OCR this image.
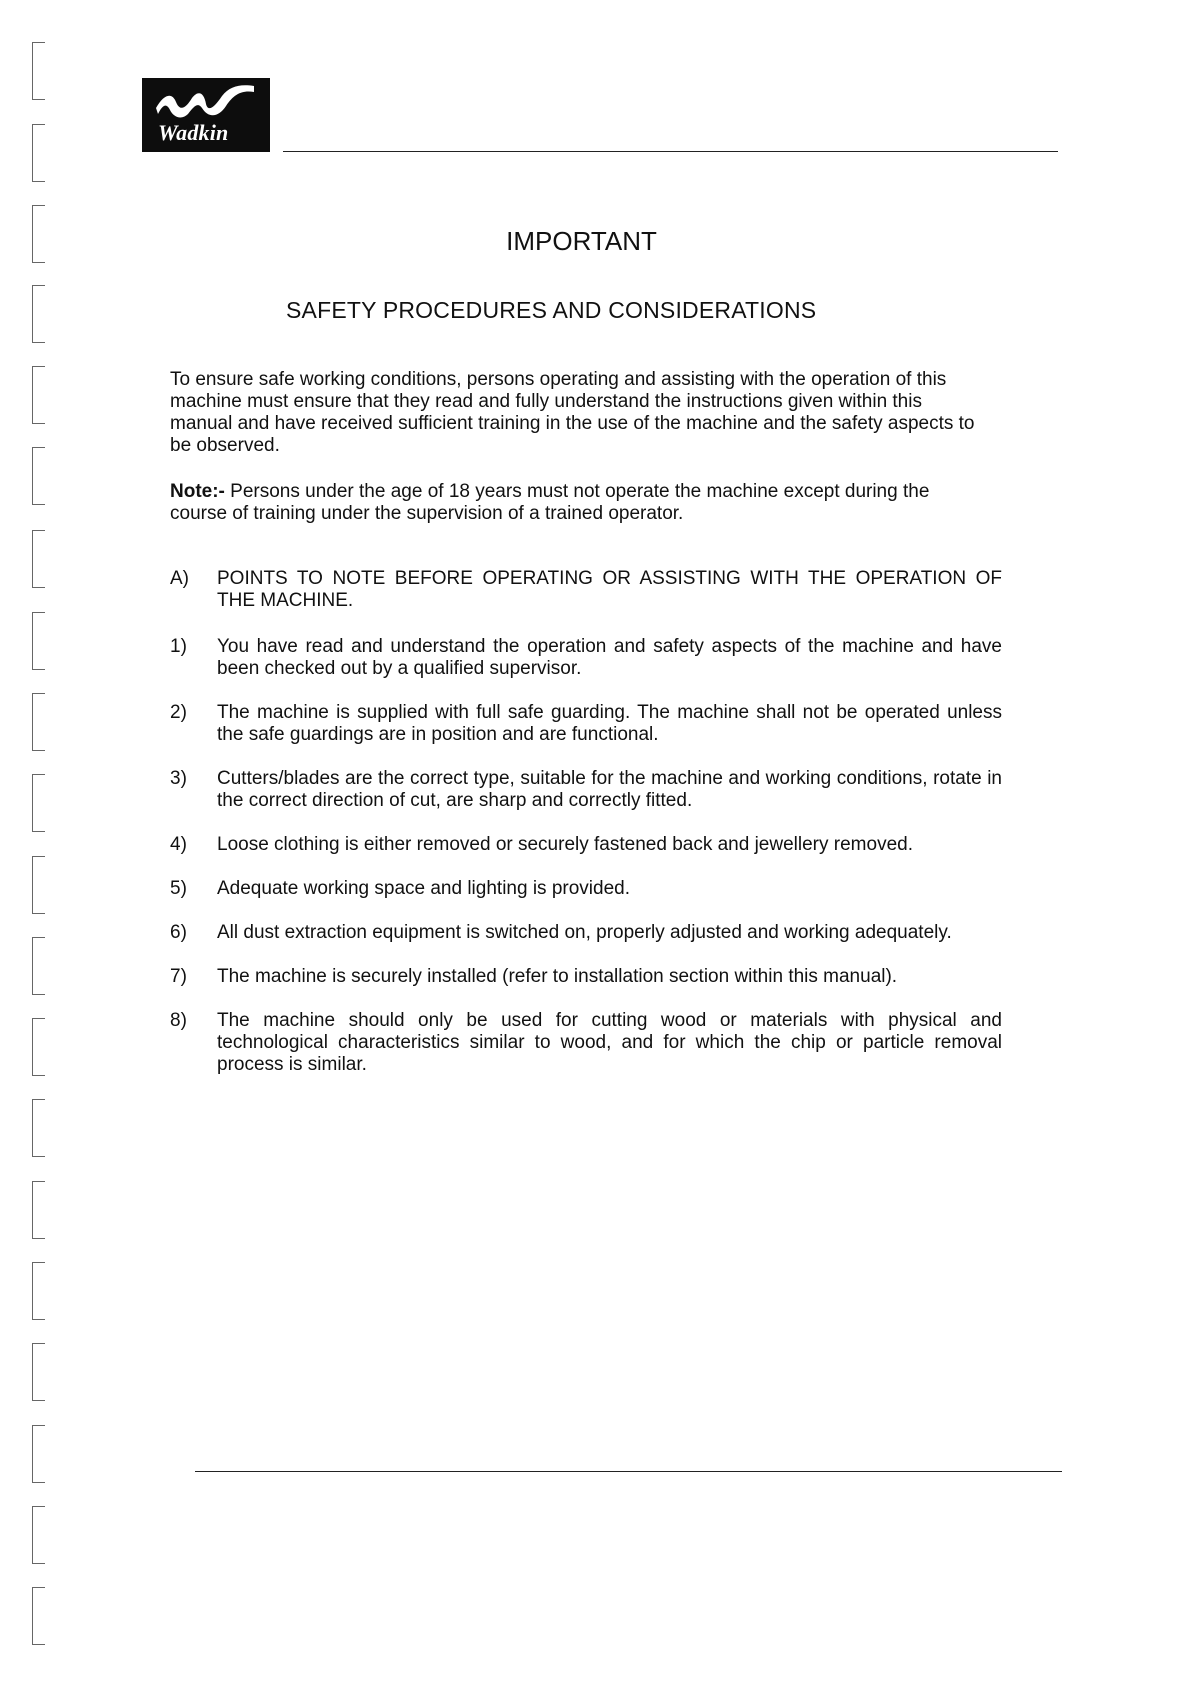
Wadkin
IMPORTANT
SAFETY PROCEDURES AND CONSIDERATIONS
To ensure safe working conditions, persons operating and assisting with the operation of this machine must ensure that they read and fully understand the instructions given within this manual and have received sufficient training in the use of the machine and the safety aspects to be observed.
Note:- Persons under the age of 18 years must not operate the machine except during the course of training under the supervision of a trained operator.
A)	POINTS TO NOTE BEFORE OPERATING OR ASSISTING WITH THE OPERATION OF THE MACHINE.
1)	You have read and understand the operation and safety aspects of the machine and have been checked out by a qualified supervisor.
2)	The machine is supplied with full safe guarding. The machine shall not be operated unless the safe guardings are in position and are functional.
3)	Cutters/blades are the correct type, suitable for the machine and working conditions, rotate in the correct direction of cut, are sharp and correctly fitted.
4)	Loose clothing is either removed or securely fastened back and jewellery removed.
5)	Adequate working space and lighting is provided.
6)	All dust extraction equipment is switched on, properly adjusted and working adequately.
7)	The machine is securely installed (refer to installation section within this manual).
8)	The machine should only be used for cutting wood or materials with physical and technological characteristics similar to wood, and for which the chip or particle removal process is similar.
